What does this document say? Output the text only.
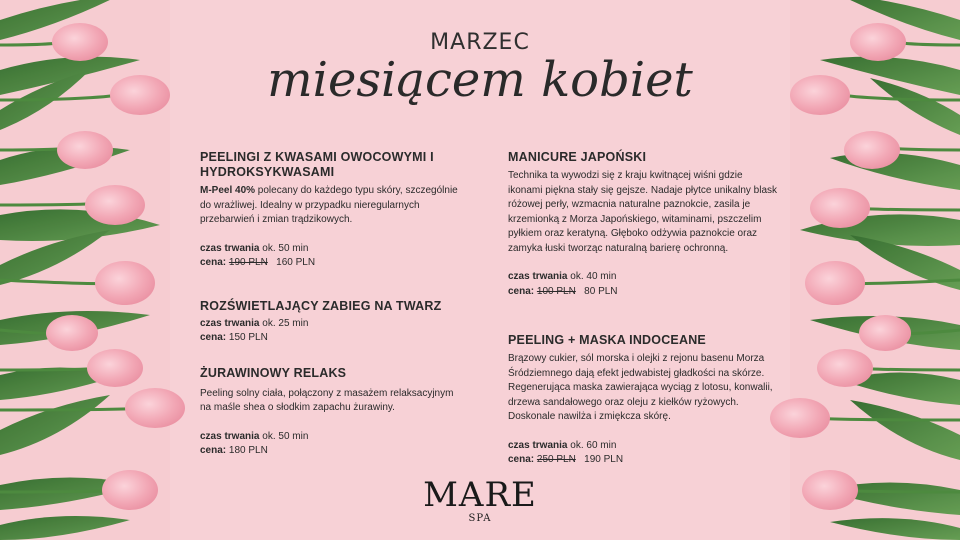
MARZEC
miesiącem kobiet

PEELINGI Z KWASAMI OWOCOWYMI I HYDROKSYKWASAMI

M-Peel 40% polecany do każdego typu skóry, szczególnie do wrażliwej. Idealny w przypadku nieregularnych przebarwień i zmian trądzikowych.

czas trwania ok. 50 min

cena: 190 PLN 160 PLN

ROZŚWIETLAJĄCY ZABIEG NA TWARZ

czas trwania ok. 25 min

cena: 150 PLN

ŻURAWINOWY RELAKS

Peeling solny ciała, połączony z masażem relaksacyjnym na maśle shea o słodkim zapachu żurawiny.

czas trwania ok. 50 min

cena: 180 PLN

MANICURE JAPOŃSKI

Technika ta wywodzi się z kraju kwitnącej wiśni gdzie ikonami piękna stały się gejsze. Nadaje płytce unikalny blask różowej perły, wzmacnia naturalne paznokcie, zasila je krzemionką z Morza Japońskiego, witaminami, pszczelim pyłkiem oraz keratyną. Głęboko odżywia paznokcie oraz zamyka łuski tworząc naturalną barierę ochronną.

czas trwania ok. 40 min

cena: 100 PLN 80 PLN

PEELING + MASKA INDOCEANE

Brązowy cukier, sól morska i olejki z rejonu basenu Morza Śródziemnego dają efekt jedwabistej gładkości na skórze. Regenerująca maska zawierająca wyciąg z lotosu, konwalii, drzewa sandałowego oraz oleju z kiełków ryżowych. Doskonale nawilża i zmiękcza skórę.

czas trwania ok. 60 min

cena: 250 PLN 190 PLN

MARE
SPA
